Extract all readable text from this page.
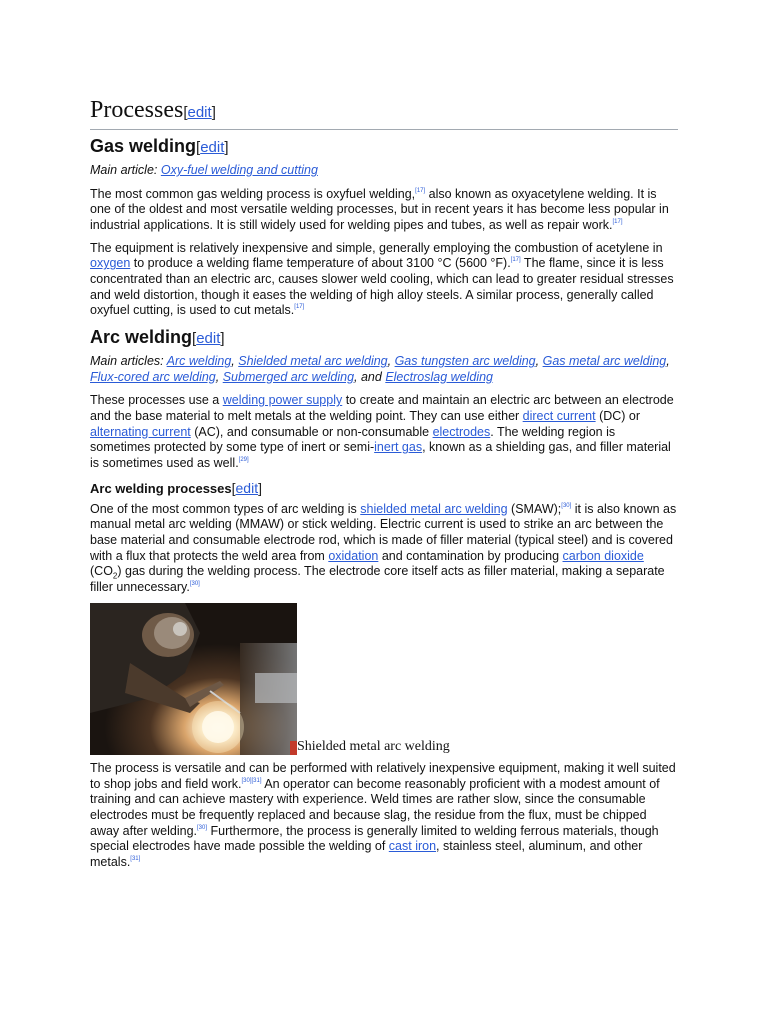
Processes[edit]
Gas welding[edit]
Main article: Oxy-fuel welding and cutting

The most common gas welding process is oxyfuel welding,[17] also known as oxyacetylene welding. It is one of the oldest and most versatile welding processes, but in recent years it has become less popular in industrial applications. It is still widely used for welding pipes and tubes, as well as repair work.[17]

The equipment is relatively inexpensive and simple, generally employing the combustion of acetylene in oxygen to produce a welding flame temperature of about 3100 °C (5600 °F).[17] The flame, since it is less concentrated than an electric arc, causes slower weld cooling, which can lead to greater residual stresses and weld distortion, though it eases the welding of high alloy steels. A similar process, generally called oxyfuel cutting, is used to cut metals.[17]

Arc welding[edit]
Main articles: Arc welding, Shielded metal arc welding, Gas tungsten arc welding, Gas metal arc welding, Flux-cored arc welding, Submerged arc welding, and Electroslag welding

These processes use a welding power supply to create and maintain an electric arc between an electrode and the base material to melt metals at the welding point. They can use either direct current (DC) or alternating current (AC), and consumable or non-consumable electrodes. The welding region is sometimes protected by some type of inert or semi-inert gas, known as a shielding gas, and filler material is sometimes used as well.[29]

Arc welding processes[edit]

One of the most common types of arc welding is shielded metal arc welding (SMAW);[30] it is also known as manual metal arc welding (MMAW) or stick welding. Electric current is used to strike an arc between the base material and consumable electrode rod, which is made of filler material (typical steel) and is covered with a flux that protects the weld area from oxidation and contamination by producing carbon dioxide $(CO_2)$ gas during the welding process. The electrode core itself acts as filler material, making a separate filler unnecessary.[30]

Shielded metal arc welding

The process is versatile and can be performed with relatively inexpensive equipment, making it well suited to shop jobs and field work.[30][31] An operator can become reasonably proficient with a modest amount of training and can achieve mastery with experience. Weld times are rather slow, since the consumable electrodes must be frequently replaced and because slag, the residue from the flux, must be chipped away after welding.[30] Furthermore, the process is generally limited to welding ferrous materials, though special electrodes have made possible the welding of cast iron, stainless steel, aluminum, and other metals.[31]
